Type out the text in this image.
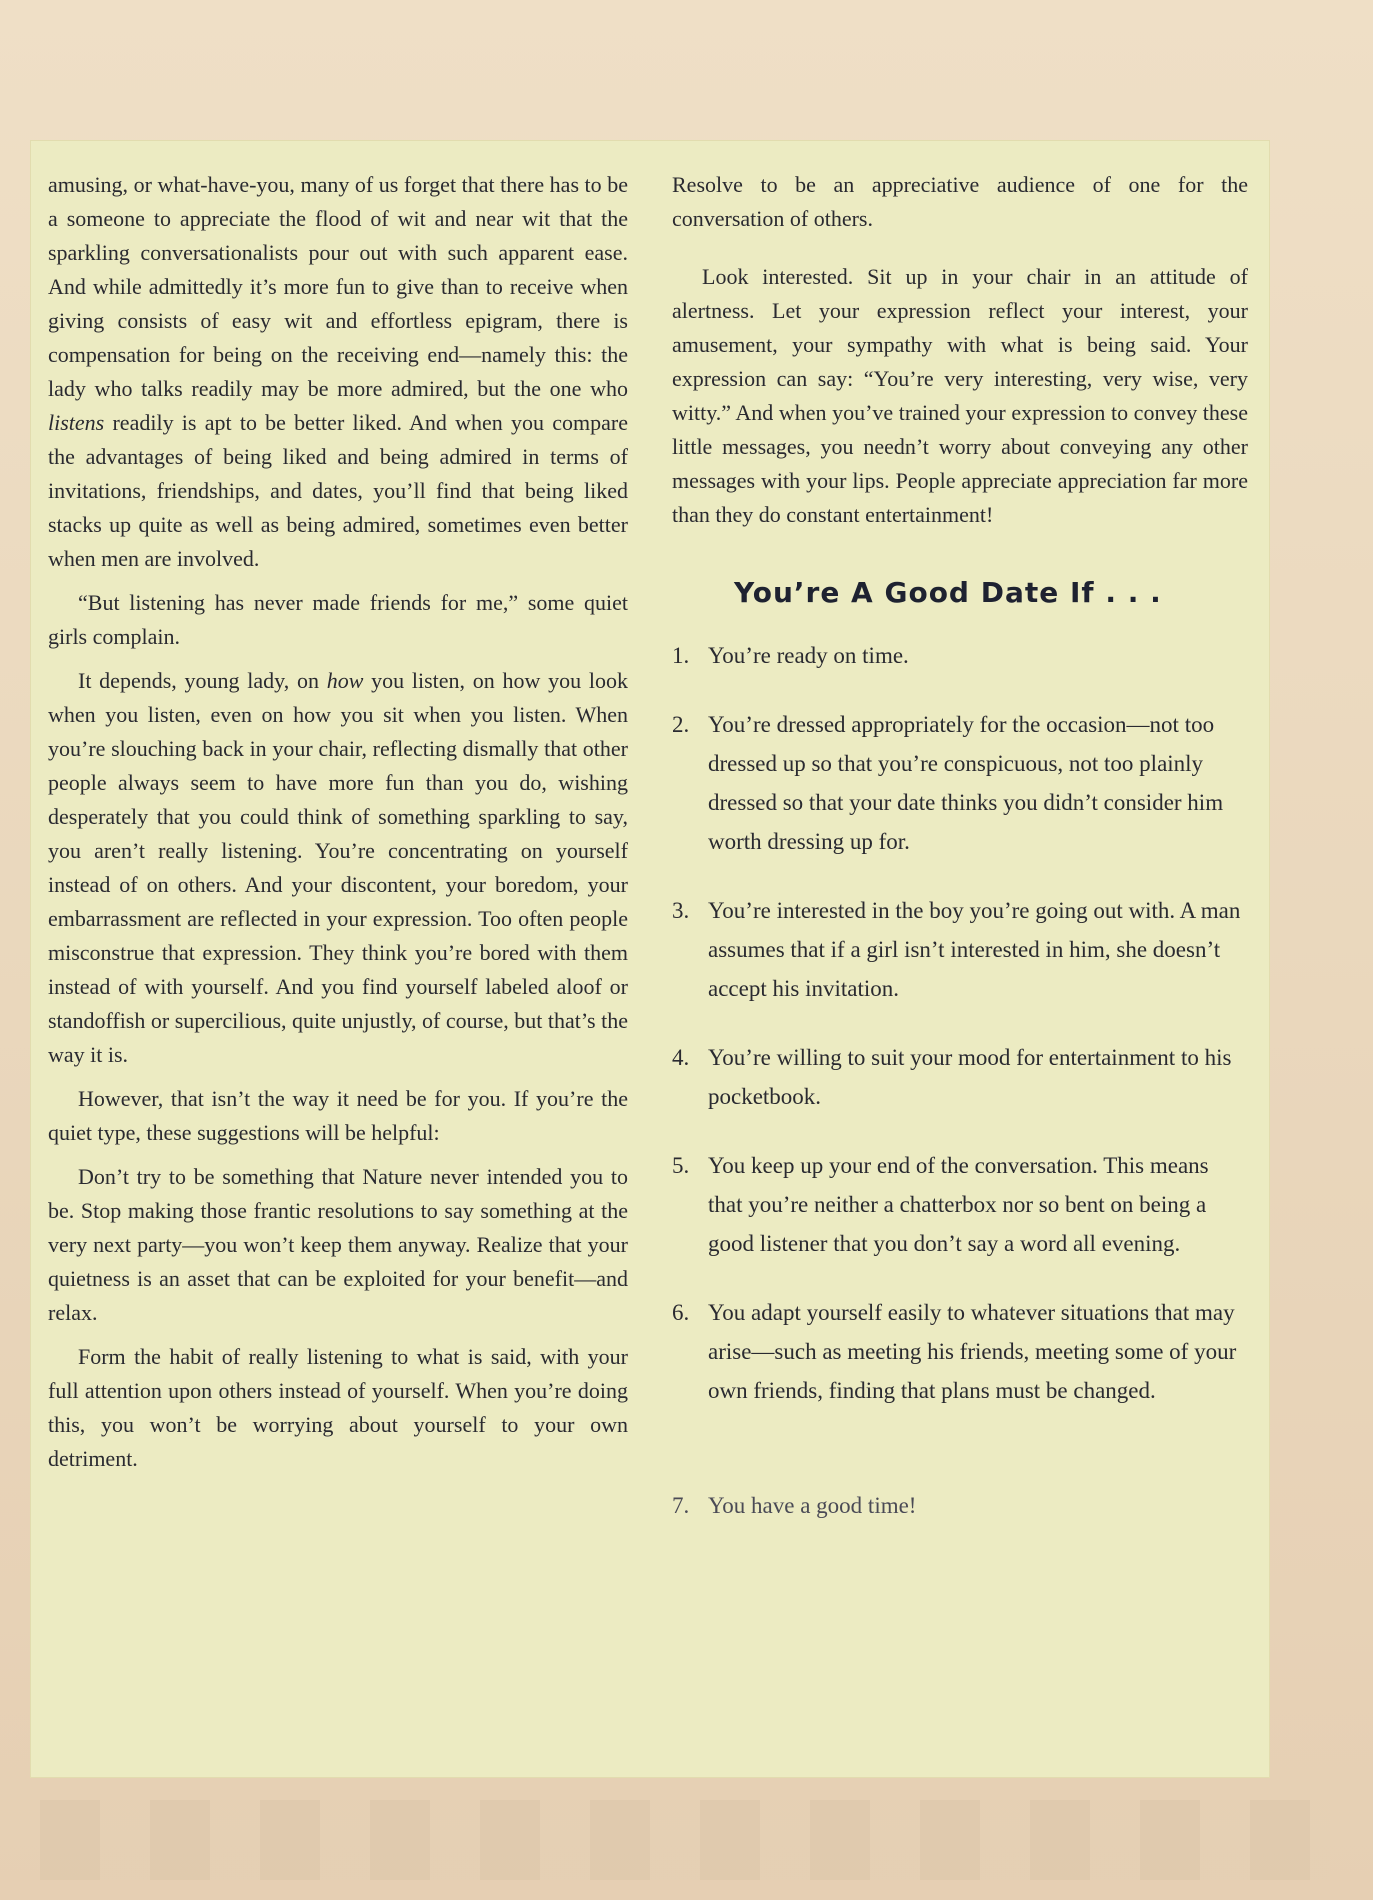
amusing, or what-have-you, many of us forget that there has to be a someone to appreciate the flood of wit and near wit that the sparkling conversationalists pour out with such apparent ease. And while admittedly it’s more fun to give than to receive when giving consists of easy wit and effortless epigram, there is compensation for being on the receiving end—namely this: the lady who talks readily may be more admired, but the one who listens readily is apt to be better liked. And when you compare the advantages of being liked and being admired in terms of invitations, friendships, and dates, you’ll find that being liked stacks up quite as well as being admired, sometimes even better when men are involved.

“But listening has never made friends for me,” some quiet girls complain.

It depends, young lady, on how you listen, on how you look when you listen, even on how you sit when you listen. When you’re slouching back in your chair, reflecting dismally that other people always seem to have more fun than you do, wishing desperately that you could think of something sparkling to say, you aren’t really listening. You’re concentrating on yourself instead of on others. And your discontent, your boredom, your embarrassment are reflected in your expression. Too often people misconstrue that expression. They think you’re bored with them instead of with yourself. And you find yourself labeled aloof or standoffish or supercilious, quite unjustly, of course, but that’s the way it is.

However, that isn’t the way it need be for you. If you’re the quiet type, these suggestions will be helpful:

Don’t try to be something that Nature never intended you to be. Stop making those frantic resolutions to say something at the very next party—you won’t keep them anyway. Realize that your quietness is an asset that can be exploited for your benefit—and relax.

Form the habit of really listening to what is said, with your full attention upon others instead of yourself. When you’re doing this, you won’t be worrying about yourself to your own detriment.

Resolve to be an appreciative audience of one for the conversation of others.

Look interested. Sit up in your chair in an attitude of alertness. Let your expression reflect your interest, your amusement, your sympathy with what is being said. Your expression can say: “You’re very interesting, very wise, very witty.” And when you’ve trained your expression to convey these little messages, you needn’t worry about conveying any other messages with your lips. People appreciate appreciation far more than they do constant entertainment!

You’re A Good Date If . . .
1. You’re ready on time.
2. You’re dressed appropriately for the occasion—not too dressed up so that you’re conspicuous, not too plainly dressed so that your date thinks you didn’t consider him worth dressing up for.
3. You’re interested in the boy you’re going out with. A man assumes that if a girl isn’t interested in him, she doesn’t accept his invitation.
4. You’re willing to suit your mood for entertainment to his pocketbook.
5. You keep up your end of the conversation. This means that you’re neither a chatterbox nor so bent on being a good listener that you don’t say a word all evening.
6. You adapt yourself easily to whatever situations that may arise—such as meeting his friends, meeting some of your own friends, finding that plans must be changed.
7. You have a good time!
